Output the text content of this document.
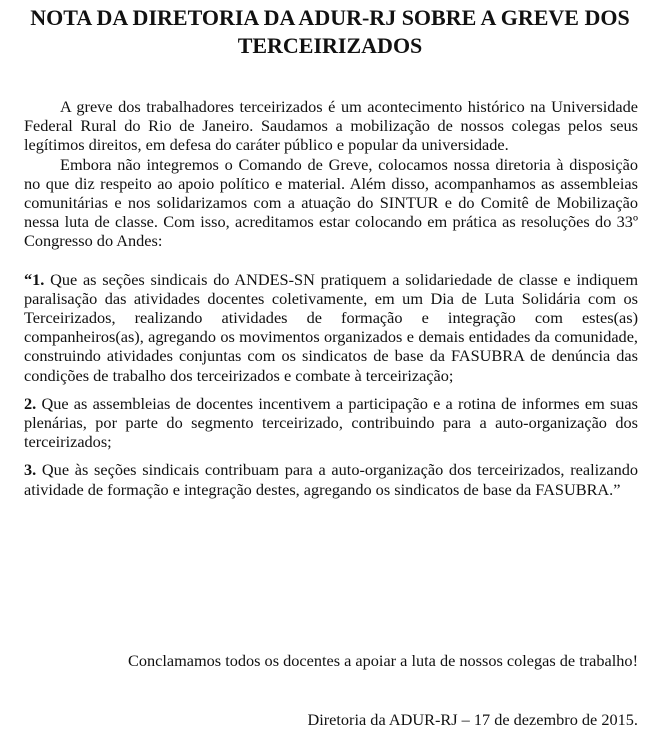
NOTA DA DIRETORIA DA ADUR-RJ SOBRE A GREVE DOS TERCEIRIZADOS

A greve dos trabalhadores terceirizados é um acontecimento histórico na Universidade Federal Rural do Rio de Janeiro. Saudamos a mobilização de nossos colegas pelos seus legítimos direitos, em defesa do caráter público e popular da universidade.

Embora não integremos o Comando de Greve, colocamos nossa diretoria à disposição no que diz respeito ao apoio político e material. Além disso, acompanhamos as assembleias comunitárias e nos solidarizamos com a atuação do SINTUR e do Comitê de Mobilização nessa luta de classe. Com isso, acreditamos estar colocando em prática as resoluções do 33º Congresso do Andes:

“1. Que as seções sindicais do ANDES-SN pratiquem a solidariedade de classe e indiquem paralisação das atividades docentes coletivamente, em um Dia de Luta Solidária com os Terceirizados, realizando atividades de formação e integração com estes(as) companheiros(as), agregando os movimentos organizados e demais entidades da comunidade, construindo atividades conjuntas com os sindicatos de base da FASUBRA de denúncia das condições de trabalho dos terceirizados e combate à terceirização;

2. Que as assembleias de docentes incentivem a participação e a rotina de informes em suas plenárias, por parte do segmento terceirizado, contribuindo para a auto-organização dos terceirizados;

3. Que às seções sindicais contribuam para a auto-organização dos terceirizados, realizando atividade de formação e integração destes, agregando os sindicatos de base da FASUBRA.”

Conclamamos todos os docentes a apoiar a luta de nossos colegas de trabalho!

Diretoria da ADUR-RJ – 17 de dezembro de 2015.
